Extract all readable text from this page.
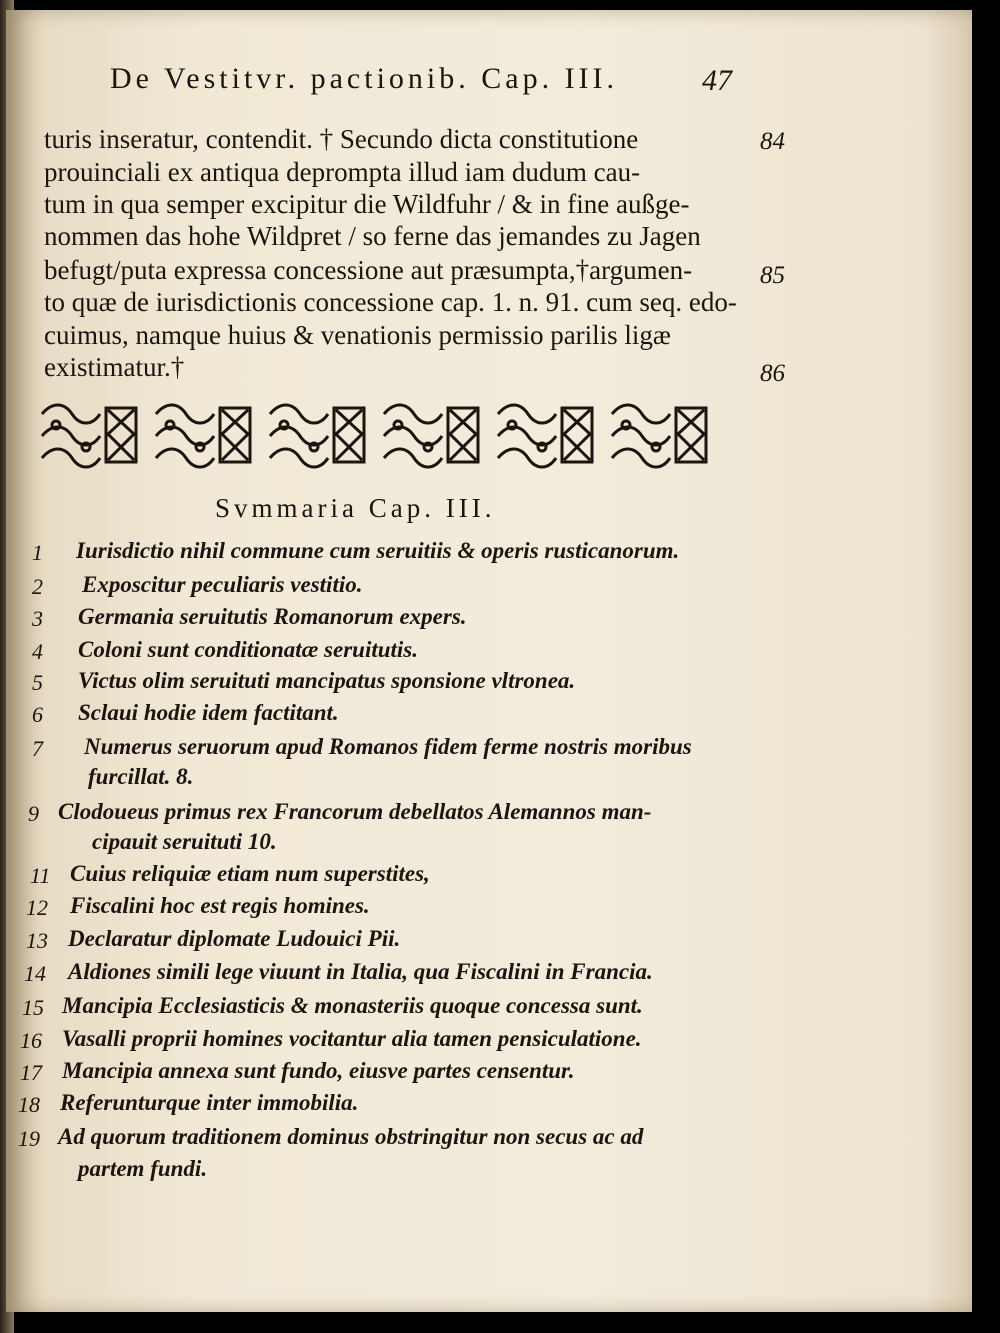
De Vestitvr. pactionib. Cap. III.	47
turis inseratur, contendit. † Secundo dicta constitutione
prouinciali ex antiqua deprompta illud iam dudum cau-
tum in qua semper excipitur die Wildfuhr / & in fine außge-
nommen das hohe Wildpret / so ferne das jemandes zu Jagen
befugt/puta expressa concessione aut præsumpta,†argumen-
to quæ de iurisdictionis concessione cap. 1. n. 91. cum seq. edo-
cuimus, namque huius & venationis permissio parilis ligæ
existimatur.†
84
85
86
Svmmaria Cap. III.
1 Iurisdictio nihil commune cum seruitiis & operis rusticanorum.
2 Exposcitur peculiaris vestitio.
3 Germania seruitutis Romanorum expers.
4 Coloni sunt conditionatæ seruitutis.
5 Victus olim seruituti mancipatus sponsione vltronea.
6 Sclaui hodie idem factitant.
7 Numerus seruorum apud Romanos fidem ferme nostris moribus
furcillat. 8.
9 Clodoueus primus rex Francorum debellatos Alemannos man-
cipauit seruituti 10.
11 Cuius reliquiæ etiam num superstites,
12 Fiscalini hoc est regis homines.
13 Declaratur diplomate Ludouici Pii.
14 Aldiones simili lege viuunt in Italia, qua Fiscalini in Francia.
15 Mancipia Ecclesiasticis & monasteriis quoque concessa sunt.
16 Vasalli proprii homines vocitantur alia tamen pensiculatione.
17 Mancipia annexa sunt fundo, eiusve partes censentur.
18 Referunturque inter immobilia.
19 Ad quorum traditionem dominus obstringitur non secus ac ad
partem fundi.
